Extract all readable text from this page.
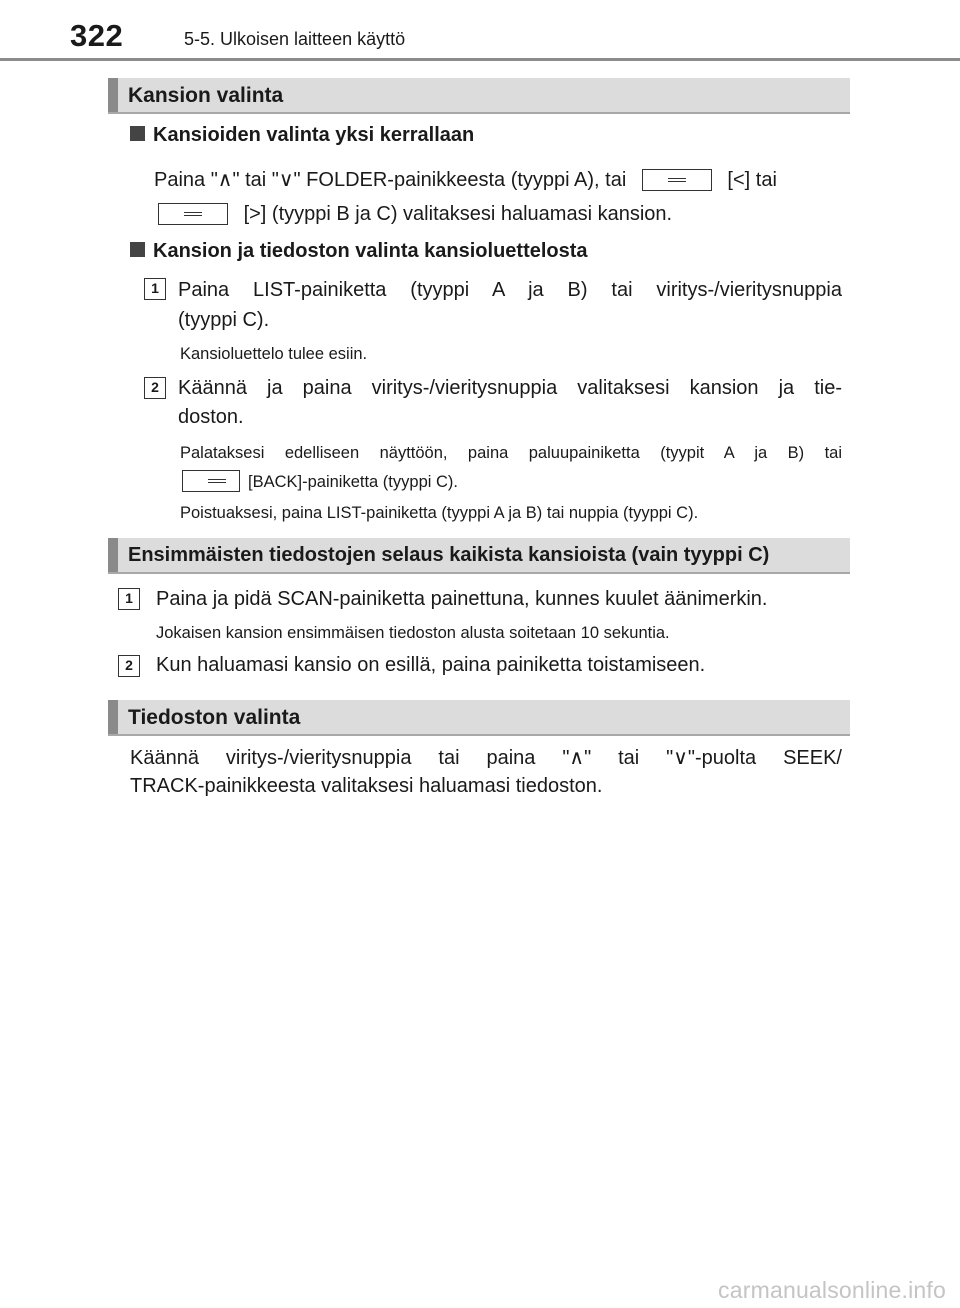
322	5-5. Ulkoisen laitteen käyttö
Kansion valinta
Kansioiden valinta yksi kerrallaan
Paina "∧" tai "∨" FOLDER-painikkeesta (tyyppi A), tai	[<] tai
[>] (tyyppi B ja C) valitaksesi haluamasi kansion.
Kansion ja tiedoston valinta kansioluettelosta
1 Paina LIST-painiketta (tyyppi A ja B) tai viritys-/vieritysnuppia
(tyyppi C).
Kansioluettelo tulee esiin.
2 Käännä ja paina viritys-/vieritysnuppia valitaksesi kansion ja tie-
doston.
Palataksesi edelliseen näyttöön, paina paluupainiketta (tyypit A ja B) tai
[BACK]-painiketta (tyyppi C).
Poistuaksesi, paina LIST-painiketta (tyyppi A ja B) tai nuppia (tyyppi C).
Ensimmäisten tiedostojen selaus kaikista kansioista (vain tyyppi C)
1	Paina ja pidä SCAN-painiketta painettuna, kunnes kuulet äänimerkin.
Jokaisen kansion ensimmäisen tiedoston alusta soitetaan 10 sekuntia.
2	Kun haluamasi kansio on esillä, paina painiketta toistamiseen.
Tiedoston valinta
Käännä viritys-/vieritysnuppia tai paina "∧" tai "∨"-puolta SEEK/
TRACK-painikkeesta valitaksesi haluamasi tiedoston.
carmanualsonline.info
